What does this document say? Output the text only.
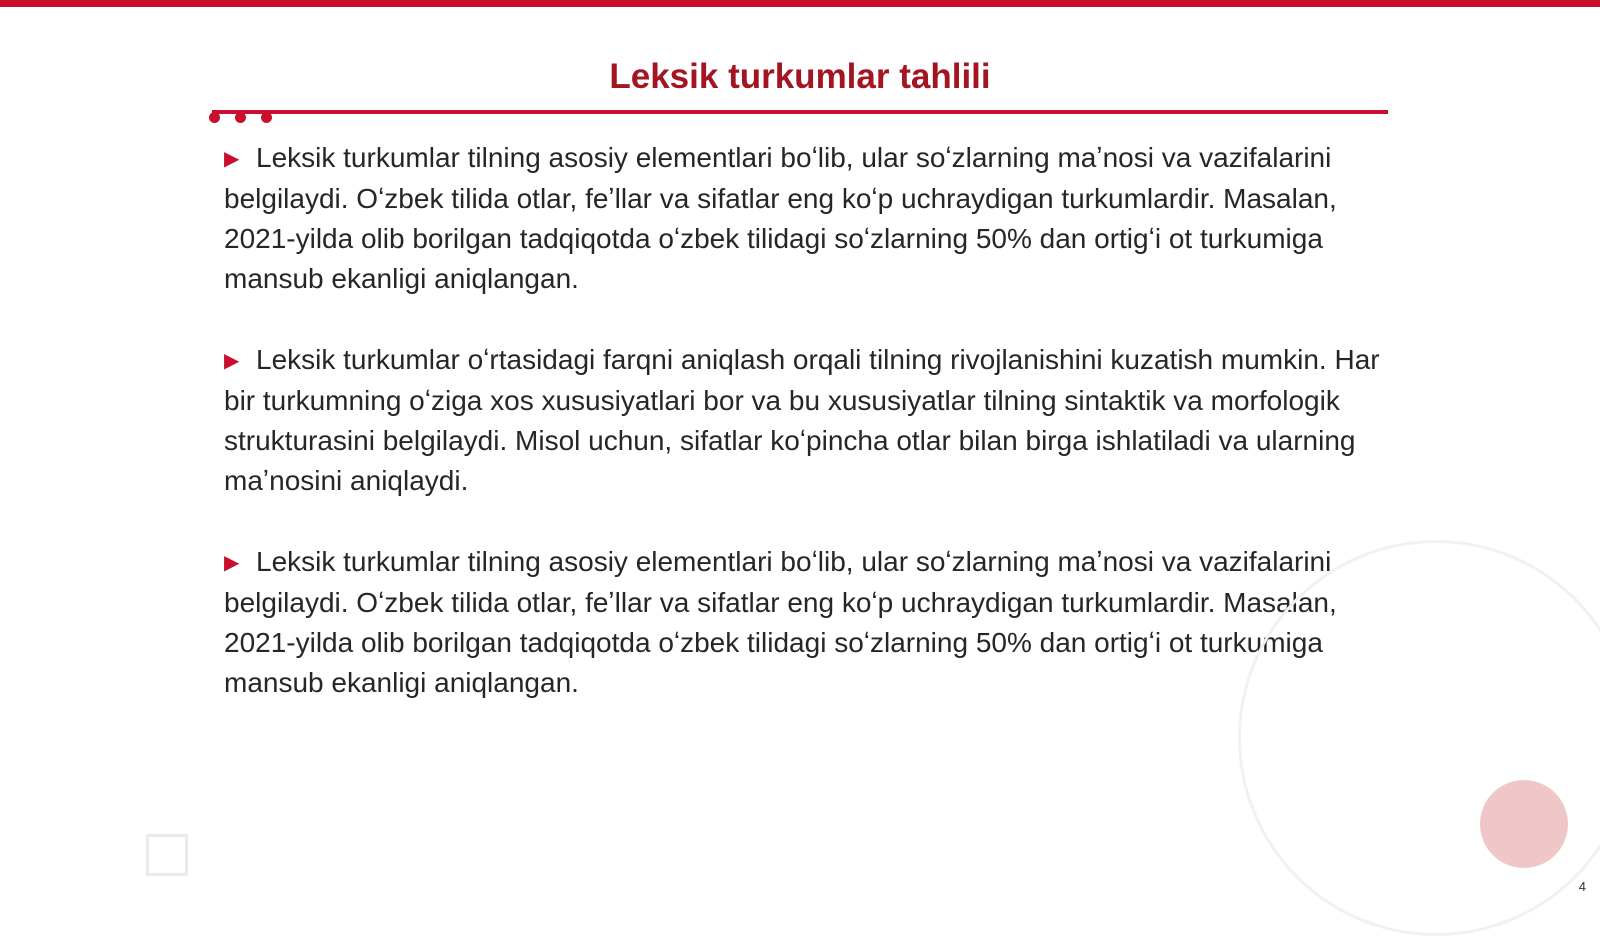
Leksik turkumlar tahlili

▶ Leksik turkumlar tilning asosiy elementlari boʻlib, ular soʻzlarning maʼnosi va vazifalarini belgilaydi. Oʻzbek tilida otlar, feʼllar va sifatlar eng koʻp uchraydigan turkumlardir. Masalan, 2021-yilda olib borilgan tadqiqotda oʻzbek tilidagi soʻzlarning 50% dan ortigʻi ot turkumiga mansub ekanligi aniqlangan.

▶ Leksik turkumlar oʻrtasidagi farqni aniqlash orqali tilning rivojlanishini kuzatish mumkin. Har bir turkumning oʻziga xos xususiyatlari bor va bu xususiyatlar tilning sintaktik va morfologik strukturasini belgilaydi. Misol uchun, sifatlar koʻpincha otlar bilan birga ishlatiladi va ularning maʼnosini aniqlaydi.

▶ Leksik turkumlar tilning asosiy elementlari boʻlib, ular soʻzlarning maʼnosi va vazifalarini belgilaydi. Oʻzbek tilida otlar, feʼllar va sifatlar eng koʻp uchraydigan turkumlardir. Masalan, 2021-yilda olib borilgan tadqiqotda oʻzbek tilidagi soʻzlarning 50% dan ortigʻi ot turkumiga mansub ekanligi aniqlangan.

4
